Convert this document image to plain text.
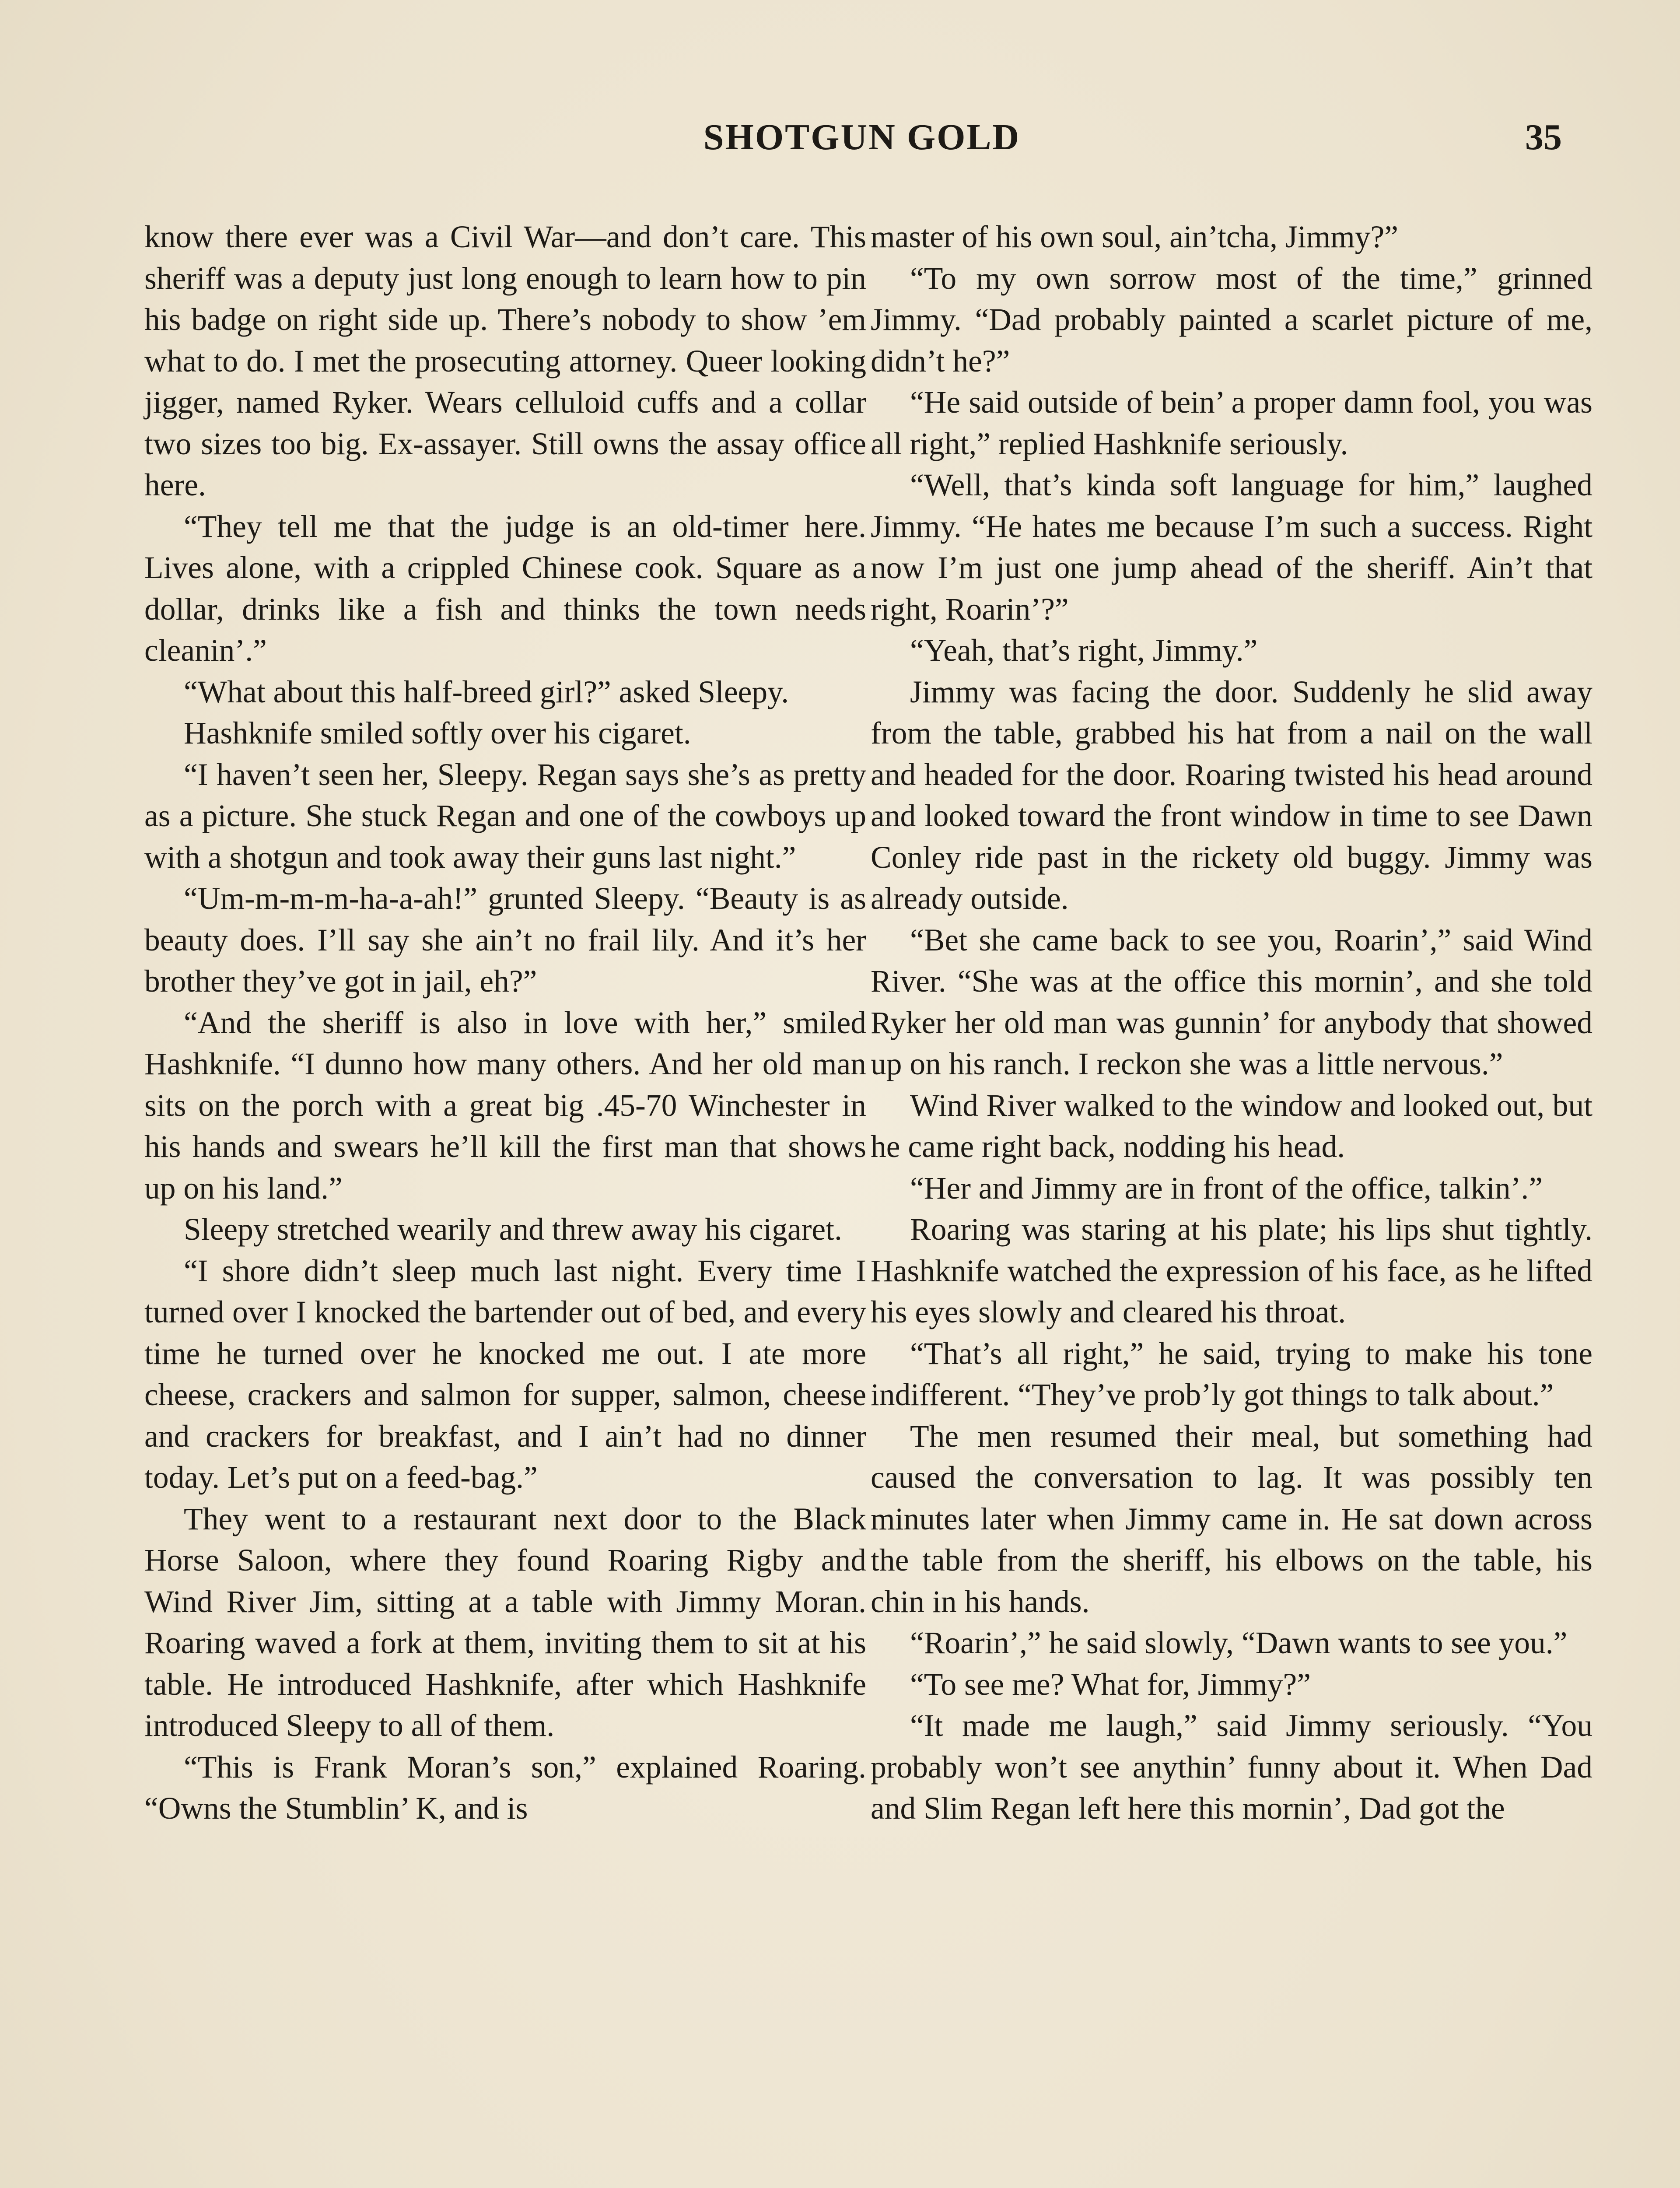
SHOTGUN GOLD	35

know there ever was a Civil War—and don’t care. This sheriff was a deputy just long enough to learn how to pin his badge on right side up. There’s nobody to show ’em what to do. I met the prosecuting attorney. Queer looking jigger, named Ryker. Wears celluloid cuffs and a collar two sizes too big. Ex-assayer. Still owns the assay office here.

“They tell me that the judge is an old-timer here. Lives alone, with a crippled Chinese cook. Square as a dollar, drinks like a fish and thinks the town needs cleanin’.”

“What about this half-breed girl?” asked Sleepy.

Hashknife smiled softly over his cigaret.

“I haven’t seen her, Sleepy. Regan says she’s as pretty as a picture. She stuck Regan and one of the cowboys up with a shotgun and took away their guns last night.”

“Um-m-m-m-ha-a-ah!” grunted Sleepy. “Beauty is as beauty does. I’ll say she ain’t no frail lily. And it’s her brother they’ve got in jail, eh?”

“And the sheriff is also in love with her,” smiled Hashknife. “I dunno how many others. And her old man sits on the porch with a great big .45-70 Winchester in his hands and swears he’ll kill the first man that shows up on his land.”

Sleepy stretched wearily and threw away his cigaret.

“I shore didn’t sleep much last night. Every time I turned over I knocked the bartender out of bed, and every time he turned over he knocked me out. I ate more cheese, crackers and salmon for supper, salmon, cheese and crackers for breakfast, and I ain’t had no dinner today. Let’s put on a feed-bag.”

They went to a restaurant next door to the Black Horse Saloon, where they found Roaring Rigby and Wind River Jim, sitting at a table with Jimmy Moran. Roaring waved a fork at them, inviting them to sit at his table. He introduced Hashknife, after which Hashknife introduced Sleepy to all of them.

“This is Frank Moran’s son,” explained Roaring. “Owns the Stumblin’ K, and is

master of his own soul, ain’tcha, Jimmy?”

“To my own sorrow most of the time,” grinned Jimmy. “Dad probably painted a scarlet picture of me, didn’t he?”

“He said outside of bein’ a proper damn fool, you was all right,” replied Hashknife seriously.

“Well, that’s kinda soft language for him,” laughed Jimmy. “He hates me because I’m such a success. Right now I’m just one jump ahead of the sheriff. Ain’t that right, Roarin’?”

“Yeah, that’s right, Jimmy.”

Jimmy was facing the door. Suddenly he slid away from the table, grabbed his hat from a nail on the wall and headed for the door. Roaring twisted his head around and looked toward the front window in time to see Dawn Conley ride past in the rickety old buggy. Jimmy was already outside.

“Bet she came back to see you, Roarin’,” said Wind River. “She was at the office this mornin’, and she told Ryker her old man was gunnin’ for anybody that showed up on his ranch. I reckon she was a little nervous.”

Wind River walked to the window and looked out, but he came right back, nodding his head.

“Her and Jimmy are in front of the office, talkin’.”

Roaring was staring at his plate; his lips shut tightly. Hashknife watched the expression of his face, as he lifted his eyes slowly and cleared his throat.

“That’s all right,” he said, trying to make his tone indifferent. “They’ve prob’ly got things to talk about.”

The men resumed their meal, but something had caused the conversation to lag. It was possibly ten minutes later when Jimmy came in. He sat down across the table from the sheriff, his elbows on the table, his chin in his hands.

“Roarin’,” he said slowly, “Dawn wants to see you.”

“To see me? What for, Jimmy?”

“It made me laugh,” said Jimmy seriously. “You probably won’t see anythin’ funny about it. When Dad and Slim Regan left here this mornin’, Dad got the
